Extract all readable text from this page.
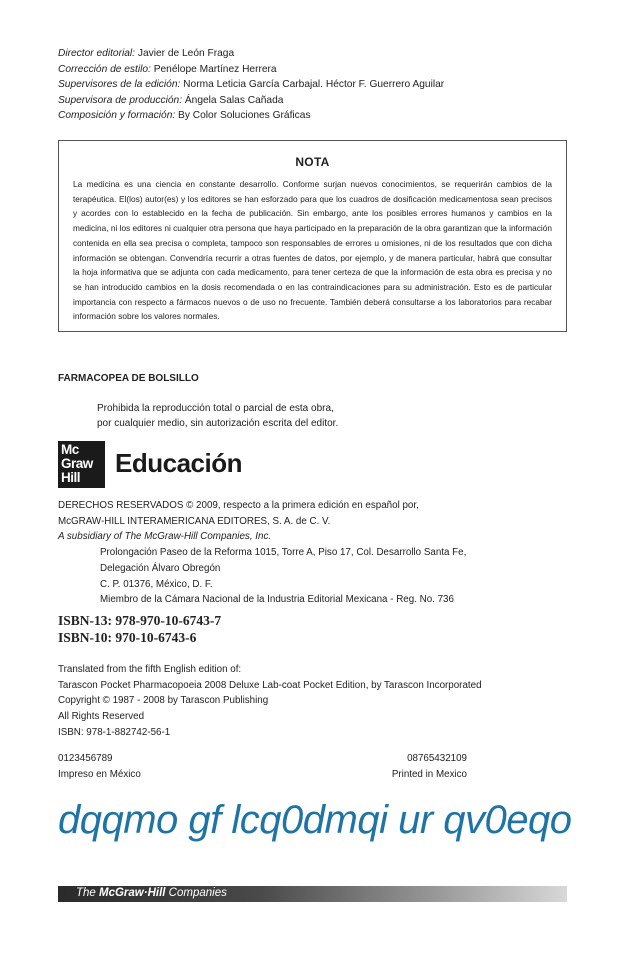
Director editorial: Javier de León Fraga
Corrección de estilo: Penélope Martínez Herrera
Supervisores de la edición: Norma Leticia García Carbajal. Héctor F. Guerrero Aguilar
Supervisora de producción: Ángela Salas Cañada
Composición y formación: By Color Soluciones Gráficas
NOTA
La medicina es una ciencia en constante desarrollo. Conforme surjan nuevos conocimientos, se requerirán cambios de la terapéutica. El(los) autor(es) y los editores se han esforzado para que los cuadros de dosificación medicamentosa sean precisos y acordes con lo establecido en la fecha de publicación. Sin embargo, ante los posibles errores humanos y cambios en la medicina, ni los editores ni cualquier otra persona que haya participado en la preparación de la obra garantizan que la información contenida en ella sea precisa o completa, tampoco son responsables de errores u omisiones, ni de los resultados que con dicha información se obtengan. Convendría recurrir a otras fuentes de datos, por ejemplo, y de manera particular, habrá que consultar la hoja informativa que se adjunta con cada medicamento, para tener certeza de que la información de esta obra es precisa y no se han introducido cambios en la dosis recomendada o en las contraindicaciones para su administración. Esto es de particular importancia con respecto a fármacos nuevos o de uso no frecuente. También deberá consultarse a los laboratorios para recabar información sobre los valores normales.
FARMACOPEA DE BOLSILLO
Prohibida la reproducción total o parcial de esta obra,
por cualquier medio, sin autorización escrita del editor.
Mc
Graw
Hill	Educación
DERECHOS RESERVADOS © 2009, respecto a la primera edición en español por,
McGRAW-HILL INTERAMERICANA EDITORES, S. A. de C. V.
A subsidiary of The McGraw-Hill Companies, Inc.
Prolongación Paseo de la Reforma 1015, Torre A, Piso 17, Col. Desarrollo Santa Fe,
Delegación Álvaro Obregón
C. P. 01376, México, D. F.
Miembro de la Cámara Nacional de la Industria Editorial Mexicana - Reg. No. 736
ISBN-13: 978-970-10-6743-7
ISBN-10: 970-10-6743-6
Translated from the fifth English edition of:
Tarascon Pocket Pharmacopoeia 2008 Deluxe Lab-coat Pocket Edition, by Tarascon Incorporated
Copyright © 1987 - 2008 by Tarascon Publishing
All Rights Reserved
ISBN: 978-1-882742-56-1
0123456789	08765432109
Impreso en México	Printed in Mexico
dqqmo gf lcq0dmqi ur qv0eqo
The McGraw·Hill Companies
